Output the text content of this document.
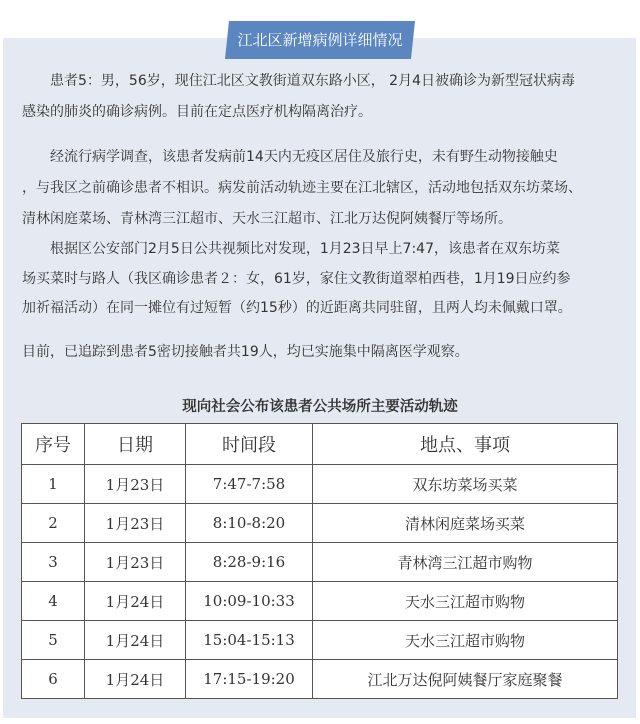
江北区新增病例详细情况
患者5：男，56岁，现住江北区文教街道双东路小区， 2月4日被确诊为新型冠状病毒
感染的肺炎的确诊病例。目前在定点医疗机构隔离治疗。
经流行病学调查，该患者发病前14天内无疫区居住及旅行史，未有野生动物接触史
，与我区之前确诊患者不相识。病发前活动轨迹主要在江北辖区，活动地包括双东坊菜场、
清林闲庭菜场、青林湾三江超市、天水三江超市、江北万达倪阿姨餐厅等场所。
根据区公安部门2月5日公共视频比对发现，1月23日早上7:47，该患者在双东坊菜
场买菜时与路人（我区确诊患者２：女，61岁，家住文教街道翠柏西巷，1月19日应约参
加祈福活动）在同一摊位有过短暂（约15秒）的近距离共同驻留，且两人均未佩戴口罩。
目前，已追踪到患者5密切接触者共19人，均已实施集中隔离医学观察。
现向社会公布该患者公共场所主要活动轨迹
序号	日期	时间段	地点、事项
1	1月23日	7:47-7:58	双东坊菜场买菜
2	1月23日	8:10-8:20	清林闲庭菜场买菜
3	1月23日	8:28-9:16	青林湾三江超市购物
4	1月24日	10:09-10:33	天水三江超市购物
5	1月24日	15:04-15:13	天水三江超市购物
6	1月24日	17:15-19:20	江北万达倪阿姨餐厅家庭聚餐
